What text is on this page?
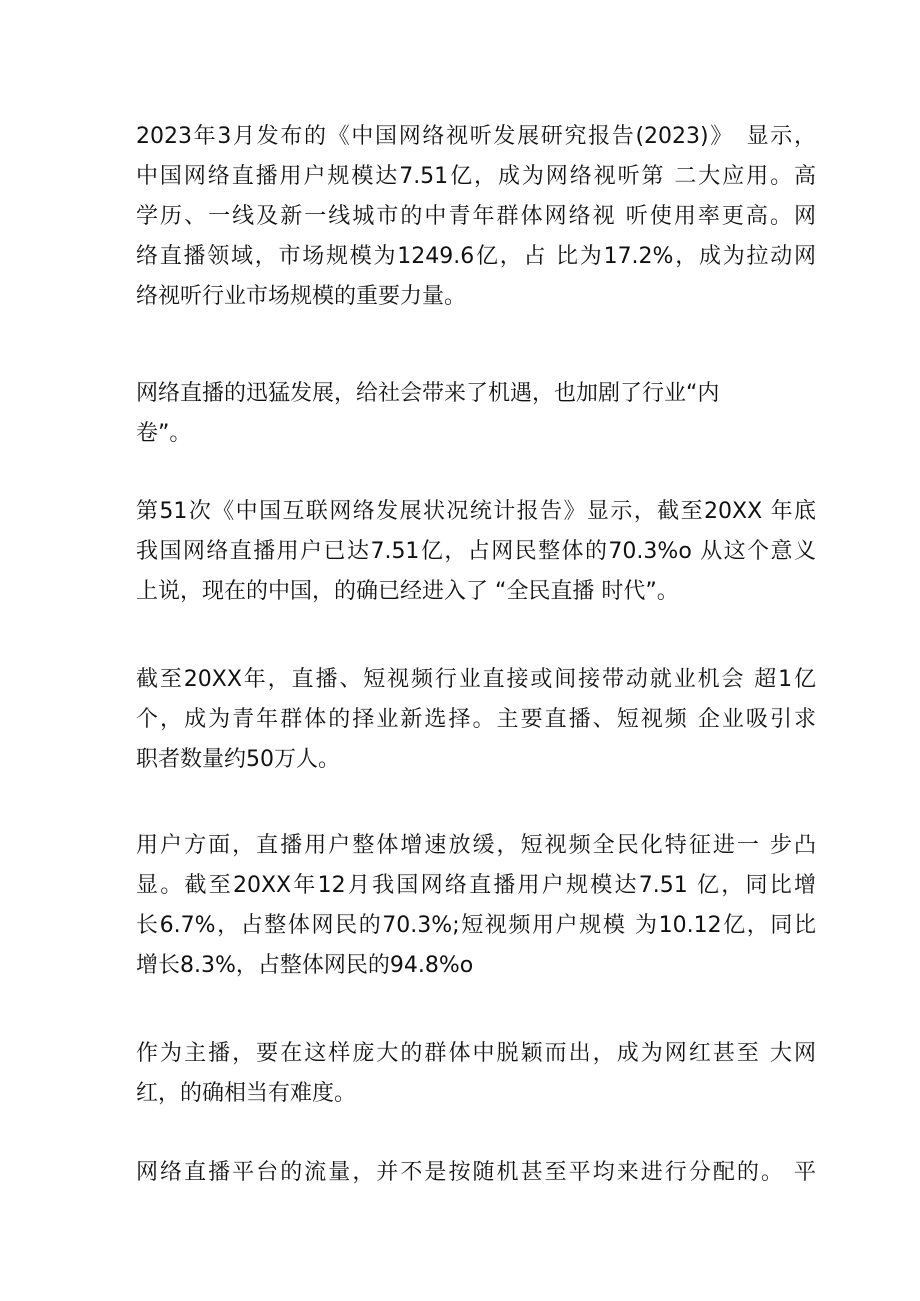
2023年3月发布的《中国网络视听发展研究报告(2023)》　显示，
中国网络直播用户规模达7.51亿，成为网络视听第 二大应用。高
学历、一线及新一线城市的中青年群体网络视 听使用率更高。网
络直播领域，市场规模为1249.6亿，占 比为17.2%，成为拉动网
络视听行业市场规模的重要力量。
网络直播的迅猛发展，给社会带来了机遇，也加剧了行业“内
卷”。
第51次《中国互联网络发展状况统计报告》显示，截至20XX 年底
我国网络直播用户已达7.51亿，占网民整体的70.3%o 从这个意义
上说，现在的中国，的确已经进入了 “全民直播 时代”。
截至20XX年，直播、短视频行业直接或间接带动就业机会 超1亿
个，成为青年群体的择业新选择。主要直播、短视频 企业吸引求
职者数量约50万人。
用户方面，直播用户整体增速放缓，短视频全民化特征进一 步凸
显。截至20XX年12月我国网络直播用户规模达7.51 亿，同比增
长6.7%，占整体网民的70.3%;短视频用户规模 为10.12亿，同比
增长8.3%，占整体网民的94.8%o
作为主播，要在这样庞大的群体中脱颖而出，成为网红甚至 大网
红，的确相当有难度。
网络直播平台的流量，并不是按随机甚至平均来进行分配的。 平
